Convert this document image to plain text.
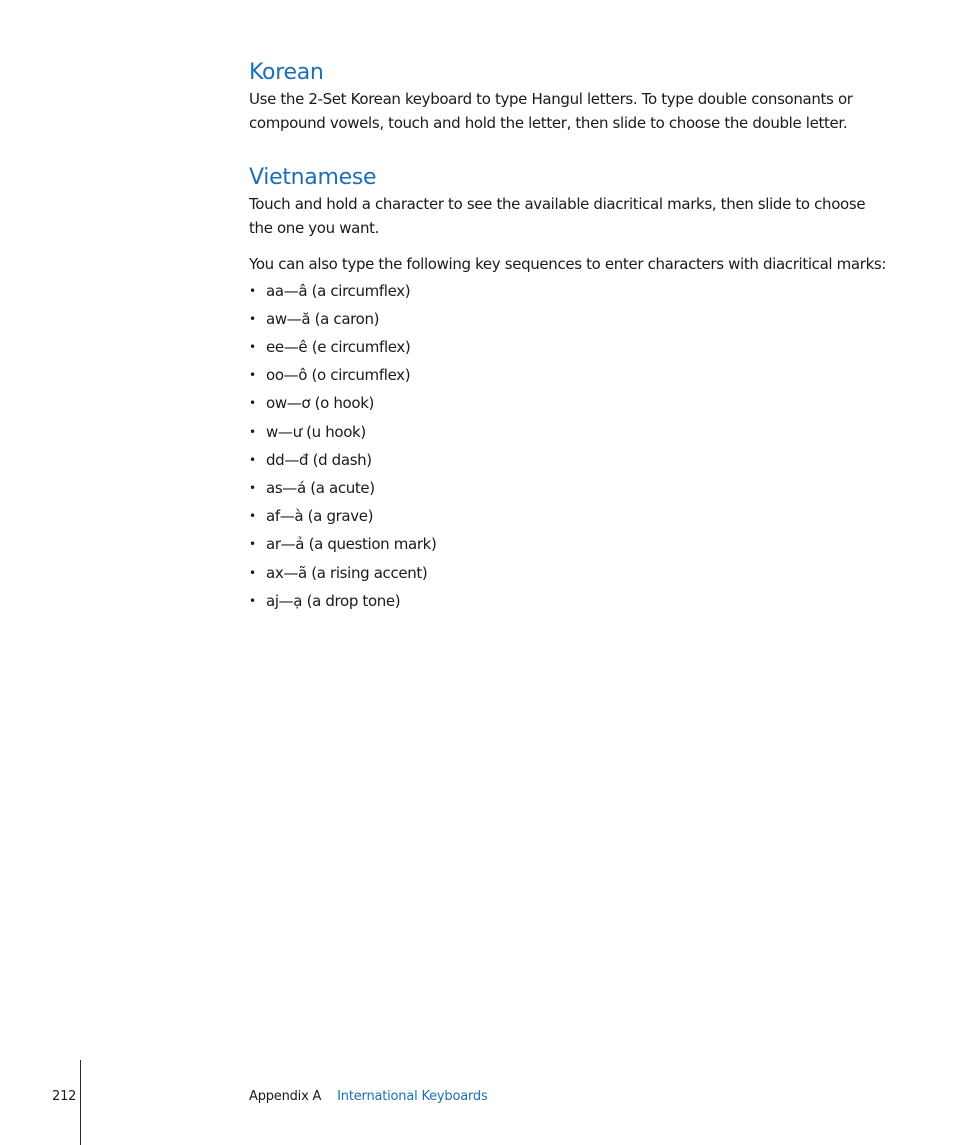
Korean

Use the 2-Set Korean keyboard to type Hangul letters. To type double consonants or compound vowels, touch and hold the letter, then slide to choose the double letter.

Vietnamese

Touch and hold a character to see the available diacritical marks, then slide to choose the one you want.

You can also type the following key sequences to enter characters with diacritical marks:

• aa—â (a circumflex)
• aw—ă (a caron)
• ee—ê (e circumflex)
• oo—ô (o circumflex)
• ow—ơ (o hook)
• w—ư (u hook)
• dd—đ (d dash)
• as—á (a acute)
• af—à (a grave)
• ar—ả (a question mark)
• ax—ã (a rising accent)
• aj—ạ (a drop tone)
212	Appendix A International Keyboards
